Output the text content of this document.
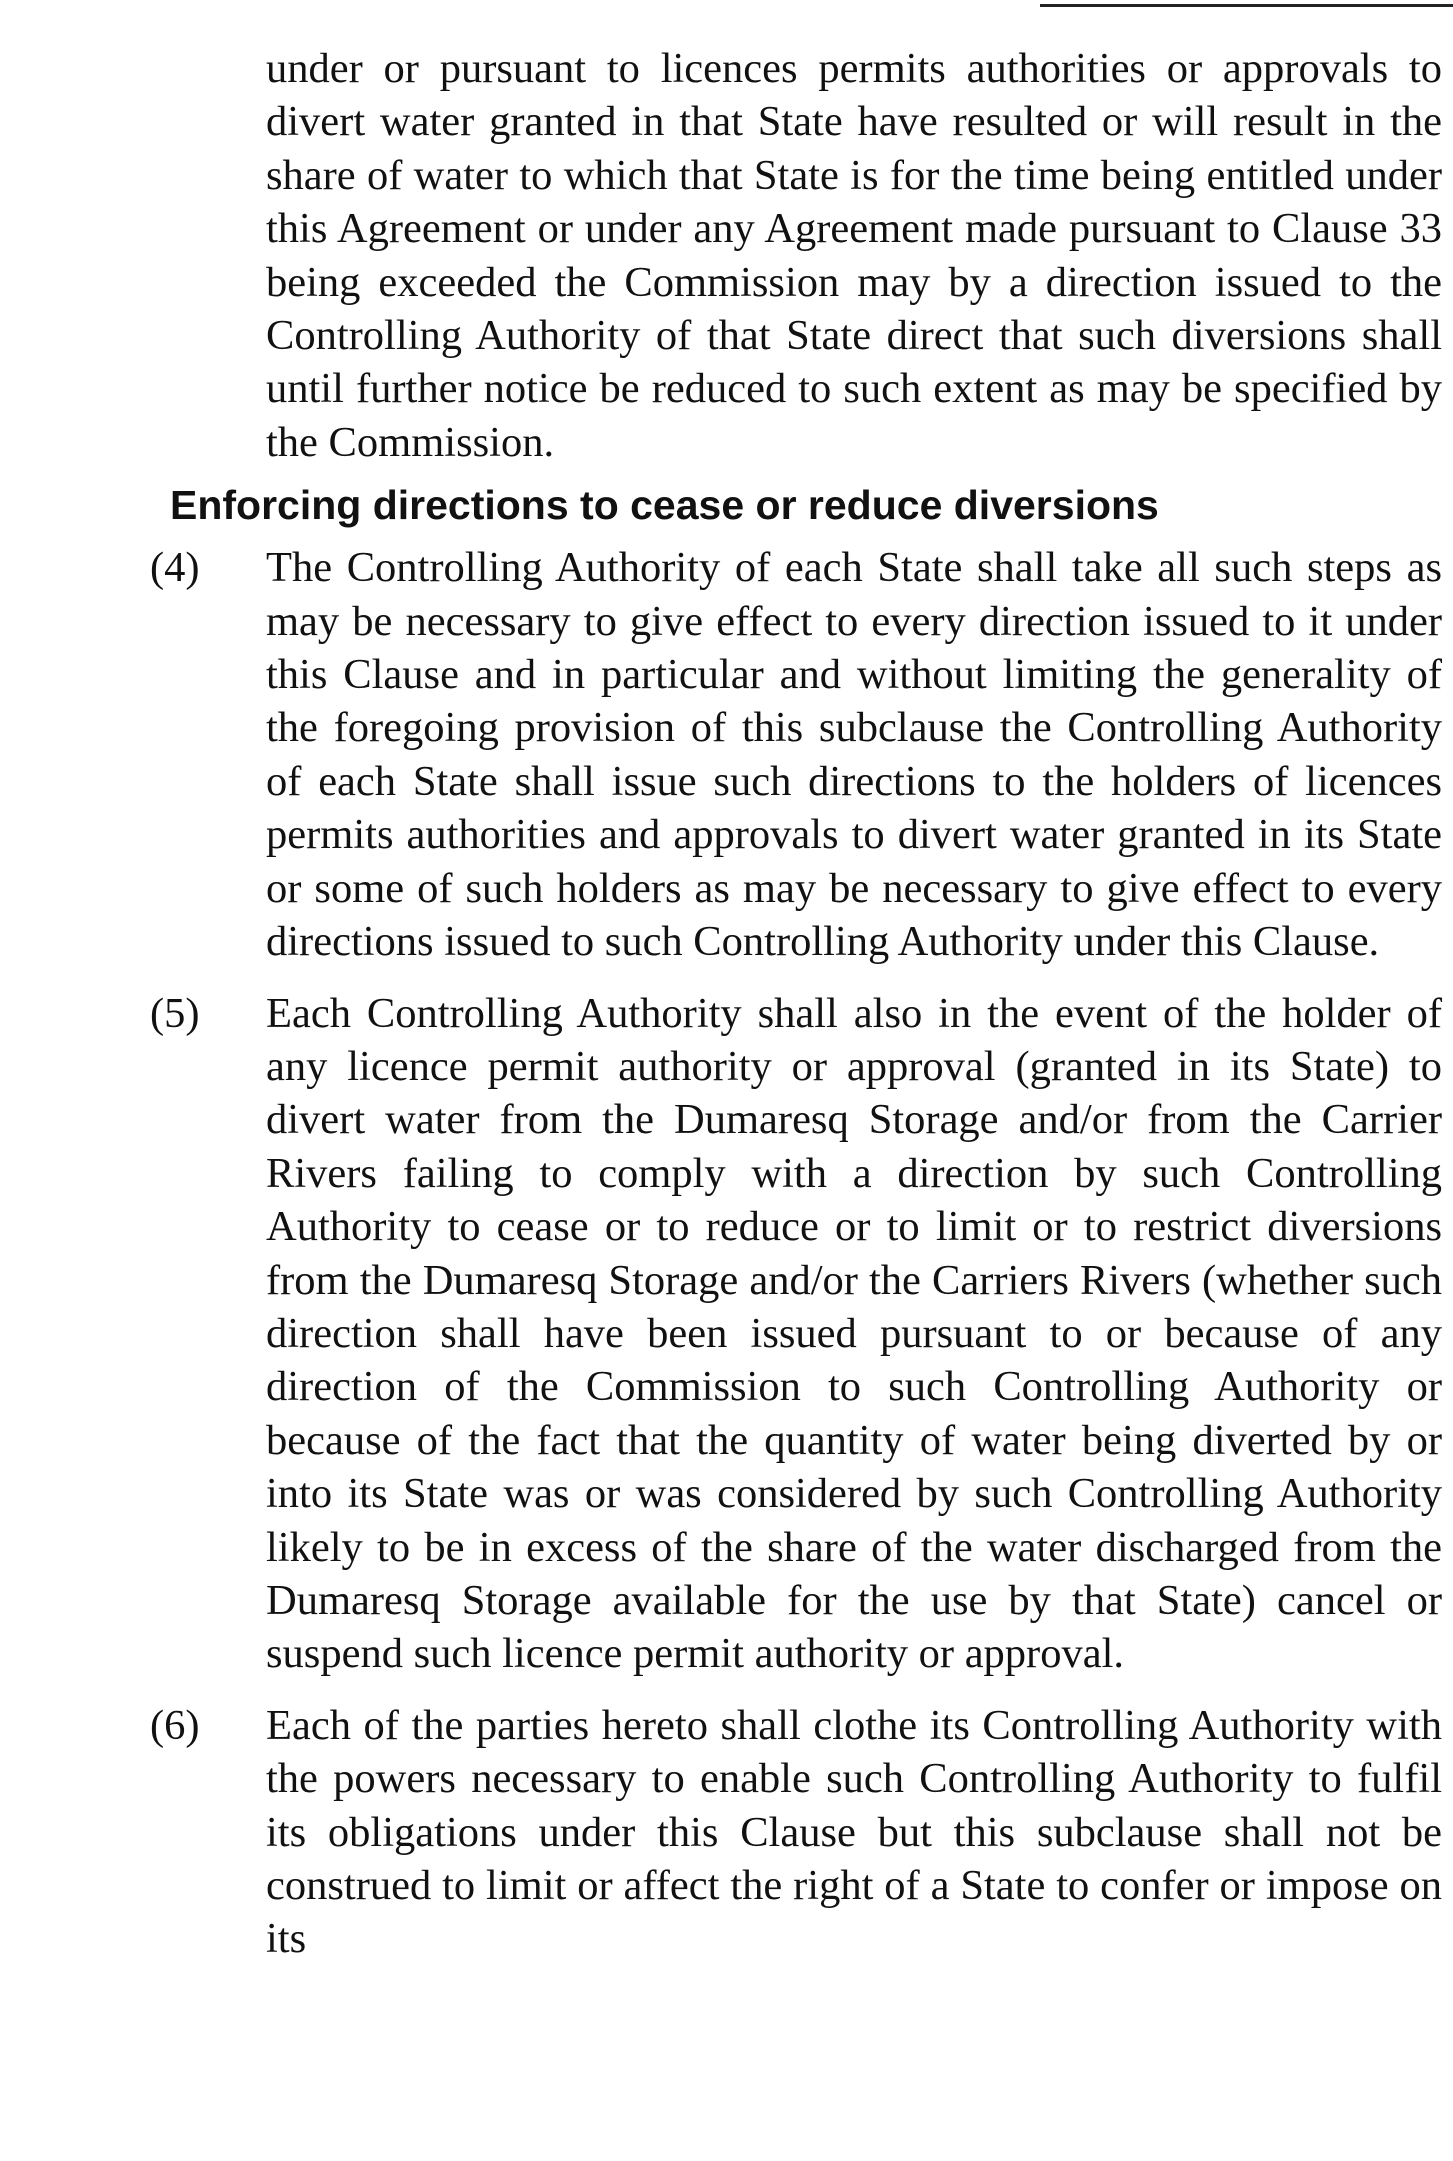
under or pursuant to licences permits authorities or approvals to divert water granted in that State have resulted or will result in the share of water to which that State is for the time being entitled under this Agreement or under any Agreement made pursuant to Clause 33 being exceeded the Commission may by a direction issued to the Controlling Authority of that State direct that such diversions shall until further notice be reduced to such extent as may be specified by the Commission.

Enforcing directions to cease or reduce diversions
(4)	The Controlling Authority of each State shall take all such steps as may be necessary to give effect to every direction issued to it under this Clause and in particular and without limiting the generality of the foregoing provision of this subclause the Controlling Authority of each State shall issue such directions to the holders of licences permits authorities and approvals to divert water granted in its State or some of such holders as may be necessary to give effect to every directions issued to such Controlling Authority under this Clause.

(5)	Each Controlling Authority shall also in the event of the holder of any licence permit authority or approval (granted in its State) to divert water from the Dumaresq Storage and/or from the Carrier Rivers failing to comply with a direction by such Controlling Authority to cease or to reduce or to limit or to restrict diversions from the Dumaresq Storage and/or the Carriers Rivers (whether such direction shall have been issued pursuant to or because of any direction of the Commission to such Controlling Authority or because of the fact that the quantity of water being diverted by or into its State was or was considered by such Controlling Authority likely to be in excess of the share of the water discharged from the Dumaresq Storage available for the use by that State) cancel or suspend such licence permit authority or approval.

(6)	Each of the parties hereto shall clothe its Controlling Authority with the powers necessary to enable such Controlling Authority to fulfil its obligations under this Clause but this subclause shall not be construed to limit or affect the right of a State to confer or impose on its
